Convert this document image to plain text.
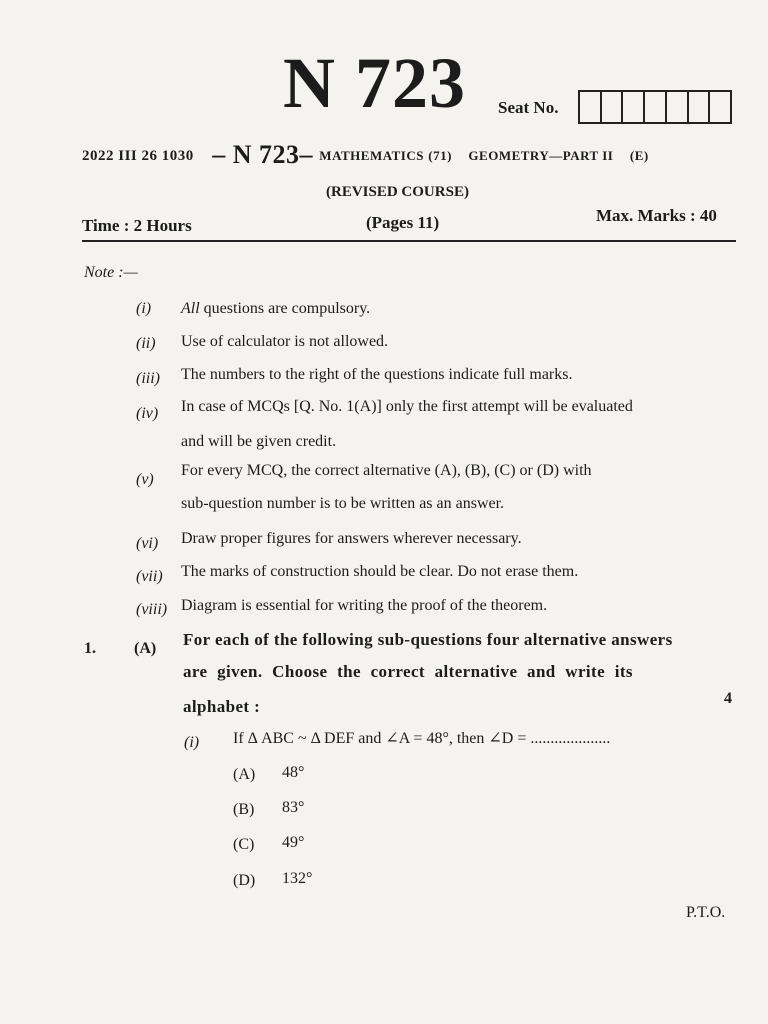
N 723 Seat No.
2022 III 26 1030 – N 723– MATHEMATICS (71) GEOMETRY—PART II (E)
(REVISED COURSE)
Time : 2 Hours	(Pages 11)	Max. Marks : 40
Note :—
(i) All questions are compulsory.
(ii) Use of calculator is not allowed.
(iii) The numbers to the right of the questions indicate full marks.
(iv) In case of MCQs [Q. No. 1(A)] only the first attempt will be evaluated
and will be given credit.
(v)
For every MCQ, the correct alternative (A), (B), (C) or (D) with
sub-question number is to be written as an answer.
(vi) Draw proper figures for answers wherever necessary.
(vii) The marks of construction should be clear. Do not erase them.
(viii) Diagram is essential for writing the proof of the theorem.
1. (A) For each of the following sub-questions four alternative answers
are given. Choose the correct alternative and write its
alphabet :	4
(i) If Δ ABC ~ Δ DEF and ∠A = 48°, then ∠D = ....................
(A) 48°
(B) 83°
(C) 49°
(D) 132°
P.T.O.
